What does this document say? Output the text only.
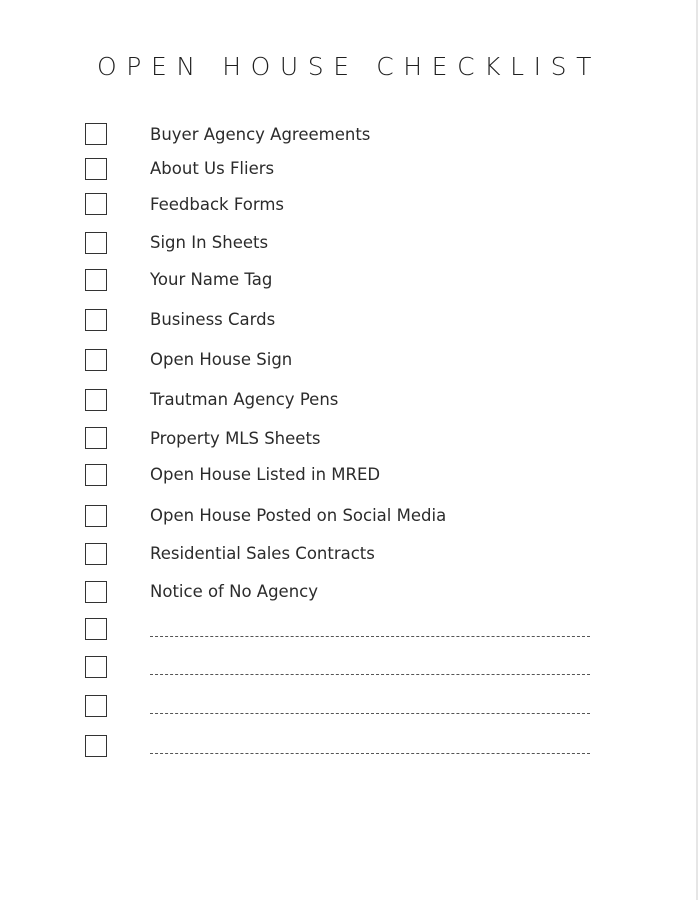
OPEN HOUSE CHECKLIST
Buyer Agency Agreements
About Us Fliers
Feedback Forms
Sign In Sheets
Your Name Tag
Business Cards
Open House Sign
Trautman Agency Pens
Property MLS Sheets
Open House Listed in MRED
Open House Posted on Social Media
Residential Sales Contracts
Notice of No Agency
